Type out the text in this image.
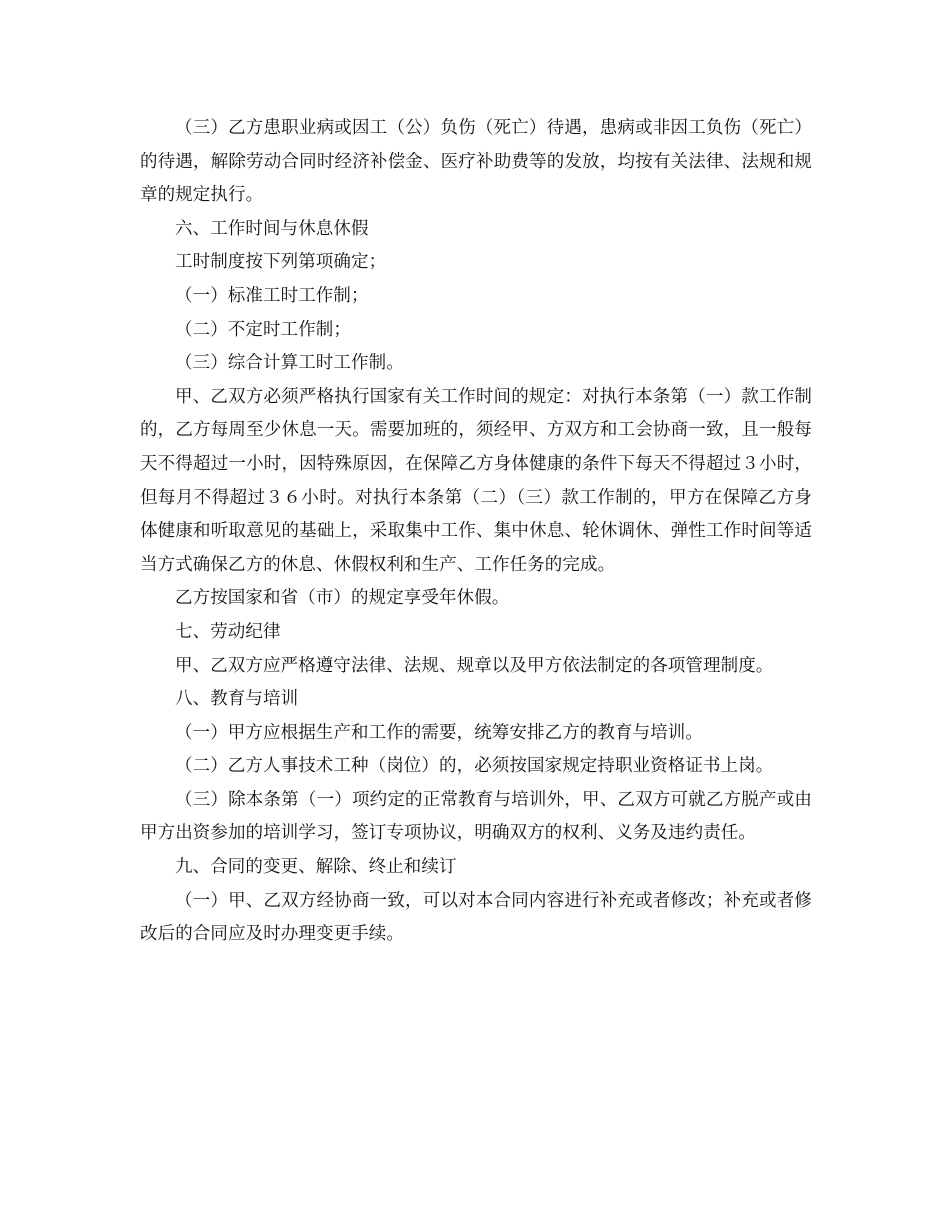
（三）乙方患职业病或因工（公）负伤（死亡）待遇，患病或非因工负伤（死亡）的待遇，解除劳动合同时经济补偿金、医疗补助费等的发放，均按有关法律、法规和规章的规定执行。

六、工作时间与休息休假

工时制度按下列第项确定；

（一）标准工时工作制；

（二）不定时工作制；

（三）综合计算工时工作制。

甲、乙双方必须严格执行国家有关工作时间的规定：对执行本条第（一）款工作制的，乙方每周至少休息一天。需要加班的，须经甲、方双方和工会协商一致，且一般每天不得超过一小时，因特殊原因，在保障乙方身体健康的条件下每天不得超过３小时，但每月不得超过３６小时。对执行本条第（二）（三）款工作制的，甲方在保障乙方身体健康和听取意见的基础上，采取集中工作、集中休息、轮休调休、弹性工作时间等适当方式确保乙方的休息、休假权利和生产、工作任务的完成。

乙方按国家和省（市）的规定享受年休假。

七、劳动纪律

甲、乙双方应严格遵守法律、法规、规章以及甲方依法制定的各项管理制度。

八、教育与培训

（一）甲方应根据生产和工作的需要，统筹安排乙方的教育与培训。

（二）乙方人事技术工种（岗位）的，必须按国家规定持职业资格证书上岗。

（三）除本条第（一）项约定的正常教育与培训外，甲、乙双方可就乙方脱产或由甲方出资参加的培训学习，签订专项协议，明确双方的权利、义务及违约责任。

九、合同的变更、解除、终止和续订

（一）甲、乙双方经协商一致，可以对本合同内容进行补充或者修改；补充或者修改后的合同应及时办理变更手续。
